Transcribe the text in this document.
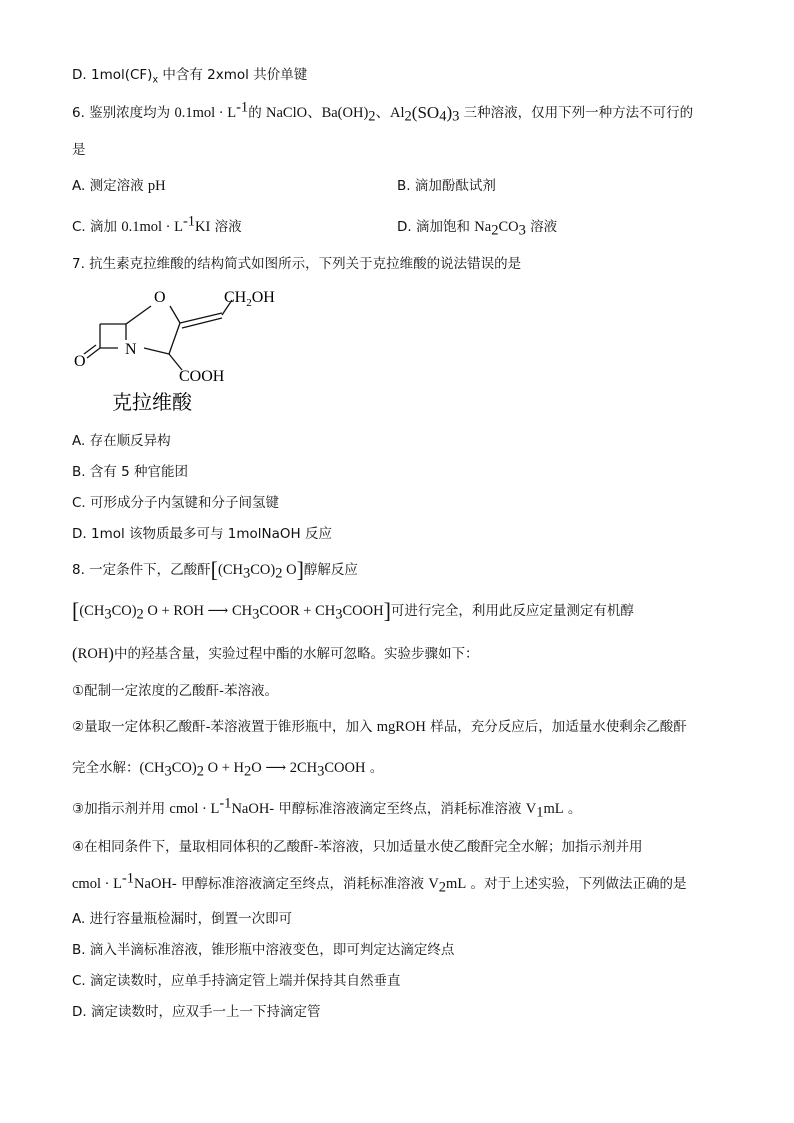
D. $1mol(CF)_x$ 中含有 2xmol 共价单键
6. 鉴别浓度均为 $0.1mol \cdot L^{-1}$的 NaClO、$Ba(OH)_2$、$Al_2(SO_4)_3$ 三种溶液，仅用下列一种方法不可行的
是
A. 测定溶液 pH	B. 滴加酚酞试剂
C. 滴加 $0.1mol \cdot L^{-1}KI$ 溶液	D. 滴加饱和 $Na_2CO_3$ 溶液
7. 抗生素克拉维酸的结构简式如图所示，下列关于克拉维酸的说法错误的是
O	$CH_2OH$
O
N
COOH
克拉维酸
A. 存在顺反异构
B. 含有 5 种官能团
C. 可形成分子内氢键和分子间氢键
D. 1mol 该物质最多可与 1molNaOH 反应
8. 一定条件下，乙酸酐[$(CH_3CO)_2$ O]醇解反应
[$(CH_3CO)_2$ O + ROH ⟶ $CH_3COOR$ + $CH_3COOH$]可进行完全，利用此反应定量测定有机醇
(ROH)中的羟基含量，实验过程中酯的水解可忽略。实验步骤如下：
①配制一定浓度的乙酸酐-苯溶液。
②量取一定体积乙酸酐-苯溶液置于锥形瓶中，加入 mgROH 样品，充分反应后，加适量水使剩余乙酸酐
完全水解：$(CH_3CO)_2$ $O + H_2O$ ⟶ $2CH_3COOH$ 。
③加指示剂并用 cmol · $L^{-1}NaOH-$ 甲醇标准溶液滴定至终点，消耗标准溶液 $V_1mL$ 。
④在相同条件下，量取相同体积的乙酸酐-苯溶液，只加适量水使乙酸酐完全水解；加指示剂并用
cmol · $L^{-1}NaOH-$ 甲醇标准溶液滴定至终点，消耗标准溶液 $V_2mL$ 。对于上述实验，下列做法正确的是
A. 进行容量瓶检漏时，倒置一次即可
B. 滴入半滴标准溶液，锥形瓶中溶液变色，即可判定达滴定终点
C. 滴定读数时，应单手持滴定管上端并保持其自然垂直
D. 滴定读数时，应双手一上一下持滴定管
